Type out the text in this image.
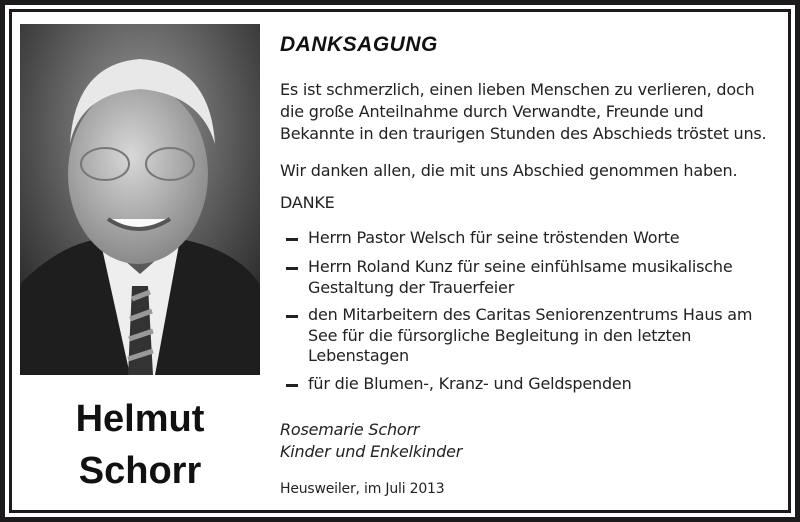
Helmut
Schorr
DANKSAGUNG
Es ist schmerzlich, einen lieben Menschen zu verlieren, doch
die große Anteilnahme durch Verwandte, Freunde und
Bekannte in den traurigen Stunden des Abschieds tröstet uns.
Wir danken allen, die mit uns Abschied genommen haben.
DANKE
Herrn Pastor Welsch für seine tröstenden Worte
Herrn Roland Kunz für seine einfühlsame musikalische
Gestaltung der Trauerfeier
den Mitarbeitern des Caritas Seniorenzentrums Haus am
See für die fürsorgliche Begleitung in den letzten
Lebenstagen
für die Blumen-, Kranz- und Geldspenden
Rosemarie Schorr
Kinder und Enkelkinder
Heusweiler, im Juli 2013
